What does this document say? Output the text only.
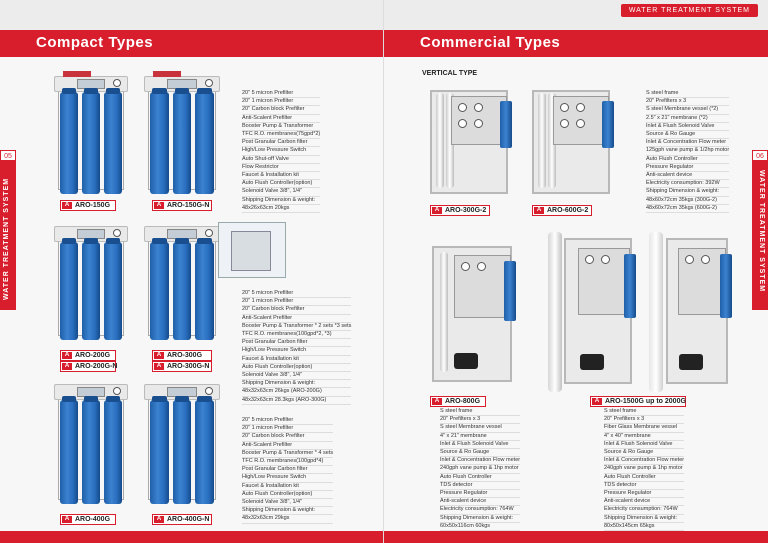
Compact Types
05
WATER TREATMENT SYSTEM	A ARO-150G	A ARO-150G-N
20" 5 micron Prefilter
20" 1 micron Prefilter
20" Carbon block Prefilter
Anti-Scalent Prefilter
Booster Pump & Transformer
TFC R.O. membranes(75gpd*2)
Post Granular Carbon filter
High/Low Pressure Switch
Auto Shut-off Valve
Flow Restrictor
Faucet & Installation kit
Auto Flush Controller(option)
Solenoid Valve 3/8", 1/4"
Shipping Dimension & weight:
48x26x63cm 20kgs
A ARO-200G
A ARO-200G-N
A ARO-300G
A ARO-300G-N
20" 5 micron Prefilter
20" 1 micron Prefilter
20" Carbon block Prefilter
Anti-Scalent Prefilter
Booster Pump & Transformer * 2 sets *3 sets
TFC R.O. membranes(100gpd*2, *3)
Post Granular Carbon filter
High/Low Pressure Switch
Faucet & Installation kit
Auto Flush Controller(option)
Solenoid Valve 3/8", 1/4"
Shipping Dimension & weight:
48x32x63cm 26kgs (ARO-200G)
48x32x63cm 28.3kgs (ARO-300G)
A ARO-400G	A ARO-400G-N
20" 5 micron Prefilter
20" 1 micron Prefilter
20" Carbon block Prefilter
Anti-Scalent Prefilter
Booster Pump & Transformer * 4 sets
TFC R.O. membranes(100gpd*4)
Post Granular Carbon filter
High/Low Pressure Switch
Faucet & Installation kit
Auto Flush Controller(option)
Solenoid Valve 3/8", 1/4"
Shipping Dimension & weight:
48x32x63cm 29kgs
WATER TREATMENT SYSTEM
Commercial Types
06
WATER TREATMENT SYSTEM
VERTICAL TYPE
A ARO-300G-2	A ARO-600G-2
S steel frame
20" Prefilters x 3
S steel Membrane vessel (*2)
2.5" x 21" membrane (*2)
Inlet & Flush Solenoid Valve
Source & Ro Gauge
Inlet & Concentration Flow meter
125gph vane pump & 1/2hp motor
Auto Flush Controller
Pressure Regulator
Anti-scalent device
Electricity consumption: 392W
Shipping Dimension & weight:
48x60x72cm 35kgs (300G-2)
48x60x72cm 35kgs (600G-2)
A ARO-800G
S steel frame
20" Prefilters x 3
S steel Membrane vessel
4" x 21" membrane
Inlet & Flush Solenoid Valve
Source & Ro Gauge
Inlet & Concentration Flow meter
240gph vane pump & 1hp motor
Auto Flush Controller
TDS detector
Pressure Regulator
Anti-scalent device
Electricity consumption: 764W
Shipping Dimension & weight:
60x50x116cm 60kgs
A ARO-1500G up to 2000G
S steel frame
20" Prefilters x 3
Fiber Glass Membrane vessel
4" x 40" membrane
Inlet & Flush Solenoid Valve
Source & Ro Gauge
Inlet & Concentration Flow meter
240gph vane pump & 1hp motor
Auto Flush Controller
TDS detector
Pressure Regulator
Anti-scalent device
Electricity consumption: 764W
Shipping Dimension & weight:
80x50x145cm 65kgs
